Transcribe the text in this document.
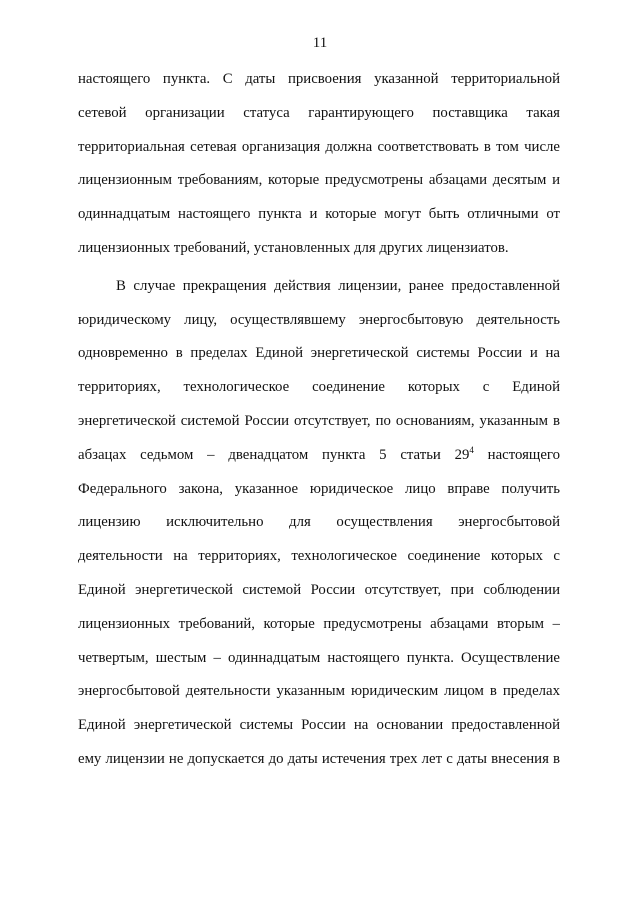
11
настоящего пункта. С даты присвоения указанной территориальной
сетевой организации статуса гарантирующего поставщика такая
территориальная сетевая организация должна соответствовать в том числе
лицензионным требованиям, которые предусмотрены абзацами десятым и
одиннадцатым настоящего пункта и которые могут быть отличными от
лицензионных требований, установленных для других лицензиатов.
В случае прекращения действия лицензии, ранее предоставленной
юридическому лицу, осуществлявшему энергосбытовую деятельность
одновременно в пределах Единой энергетической системы России и на
территориях, технологическое соединение которых с Единой
энергетической системой России отсутствует, по основаниям, указанным в
абзацах седьмом – двенадцатом пункта 5 статьи $29^4$ настоящего
Федерального закона, указанное юридическое лицо вправе получить
лицензию исключительно для осуществления энергосбытовой
деятельности на территориях, технологическое соединение которых с
Единой энергетической системой России отсутствует, при соблюдении
лицензионных требований, которые предусмотрены абзацами вторым –
четвертым, шестым – одиннадцатым настоящего пункта. Осуществление
энергосбытовой деятельности указанным юридическим лицом в пределах
Единой энергетической системы России на основании предоставленной
ему лицензии не допускается до даты истечения трех лет с даты внесения в
